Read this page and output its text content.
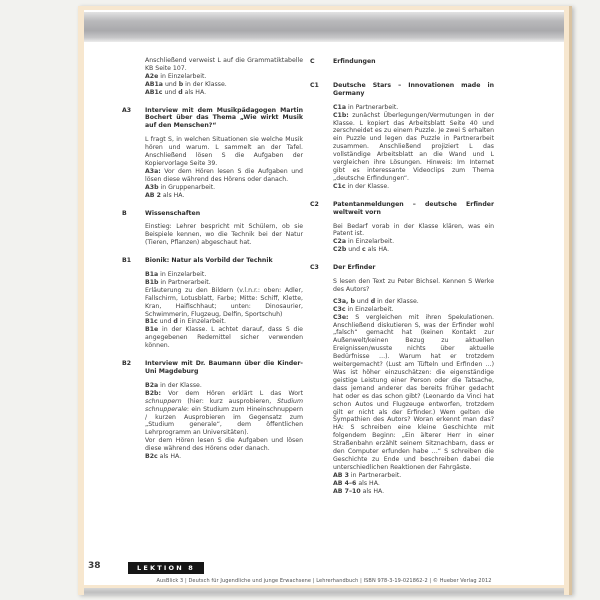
Anschließend verweist L auf die Grammatiktabelle KB Seite 107.

A2e in Einzelarbeit.

AB1a und b in der Klasse.

AB1c und d als HA.

A3	Interview mit dem Musikpädagogen Martin Bochert über das Thema „Wie wirkt Musik auf den Menschen?“

L fragt S, in welchen Situationen sie welche Musik hören und warum. L sammelt an der Tafel. Anschließend lösen S die Aufgaben der Kopiervorlage Seite 39.

A3a: Vor dem Hören lesen S die Aufgaben und lösen diese während des Hörens oder danach.

A3b in Gruppenarbeit.

AB 2 als HA.

B	Wissenschaften

Einstieg: Lehrer bespricht mit Schülern, ob sie Beispiele kennen, wo die Technik bei der Natur (Tieren, Pflanzen) abgeschaut hat.

B1	Bionik: Natur als Vorbild der Technik

B1a in Einzelarbeit.

B1b in Partnerarbeit.

Erläuterung zu den Bildern (v.l.n.r.: oben: Adler, Fallschirm, Lotusblatt, Farbe; Mitte: Schiff, Klette, Kran, Haifischhaut; unten: Dinosaurier, Schwimmerin, Flugzeug, Delfin, Sportschuh)

B1c und d in Einzelarbeit.

B1e in der Klasse. L achtet darauf, dass S die angegebenen Redemittel sicher verwenden können.

B2	Interview mit Dr. Baumann über die Kinder-Uni Magdeburg

B2a in der Klasse.

B2b: Vor dem Hören erklärt L das Wort schnuppern (hier: kurz ausprobieren, Studium schnupperale: ein Studium zum Hineinschnuppern / kurzen Ausprobieren im Gegensatz zum „Studium generale“, dem öffentlichen Lehrprogramm an Universitäten).

Vor dem Hören lesen S die Aufgaben und lösen diese während des Hörens oder danach.

B2c als HA.

C	Erfindungen
C1	Deutsche Stars – Innovationen made in Germany

C1a in Partnerarbeit.

C1b: zunächst Überlegungen/Vermutungen in der Klasse. L kopiert das Arbeitsblatt Seite 40 und zerschneidet es zu einem Puzzle. Je zwei S erhalten ein Puzzle und legen das Puzzle in Partnerarbeit zusammen. Anschließend projiziert L das vollständige Arbeitsblatt an die Wand und L vergleichen ihre Lösungen. Hinweis: Im Internet gibt es interessante Videoclips zum Thema „deutsche Erfindungen“.

C1c in der Klasse.

C2	Patentanmeldungen – deutsche Erfinder weltweit vorn

Bei Bedarf vorab in der Klasse klären, was ein Patent ist.

C2a in Einzelarbeit.

C2b und c als HA.

C3	Der Erfinder

S lesen den Text zu Peter Bichsel. Kennen S Werke des Autors?

C3a, b und d in der Klasse.

C3c in Einzelarbeit.

C3e: S vergleichen mit ihren Spekulationen. Anschließend diskutieren S, was der Erfinder wohl „falsch“ gemacht hat (keinen Kontakt zur Außenwelt/keinen Bezug zu aktuellen Ereignissen/wusste nichts über aktuelle Bedürfnisse …). Warum hat er trotzdem weitergemacht? (Lust am Tüfteln und Erfinden …) Was ist höher einzuschätzen: die eigenständige geistige Leistung einer Person oder die Tatsache, dass jemand anderer das bereits früher gedacht hat oder es das schon gibt? (Leonardo da Vinci hat schon Autos und Flugzeuge entworfen, trotzdem gilt er nicht als der Erfinder.) Wem gelten die Sympathien des Autors? Woran erkennt man das? HA: S schreiben eine kleine Geschichte mit folgendem Beginn: „Ein älterer Herr in einer Straßenbahn erzählt seinem Sitznachbarn, dass er den Computer erfunden habe …“ S schreiben die Geschichte zu Ende und beschreiben dabei die unterschiedlichen Reaktionen der Fahrgäste.

AB 3 in Partnerarbeit.

AB 4–6 als HA.

AB 7–10 als HA.

38	LEKTION 8
AusBlick 3 | Deutsch für Jugendliche und junge Erwachsene | Lehrerhandbuch | ISBN 978-3-19-021862-2 | © Hueber Verlag 2012
